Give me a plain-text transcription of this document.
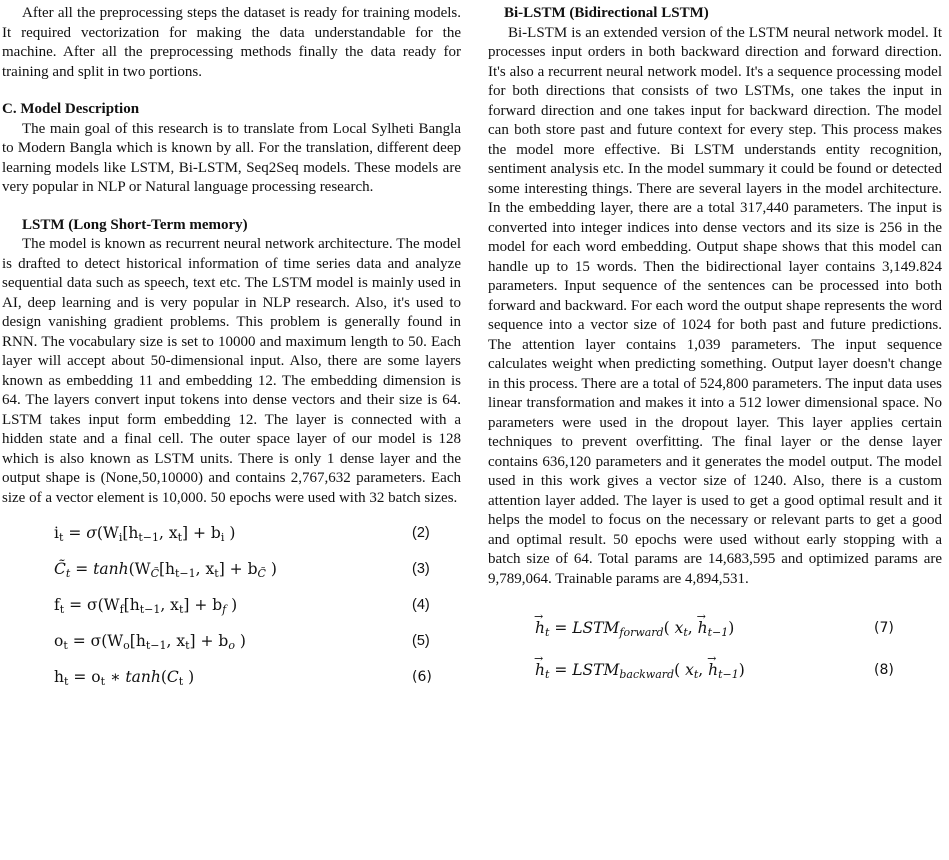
After all the preprocessing steps the dataset is ready for training models. It required vectorization for making the data understandable for the machine. After all the preprocessing methods finally the data ready for training and split in two portions.

C. Model Description

The main goal of this research is to translate from Local Sylheti Bangla to Modern Bangla which is known by all. For the translation, different deep learning models like LSTM, Bi-LSTM, Seq2Seq models. These models are very popular in NLP or Natural language processing research.

LSTM (Long Short-Term memory)

The model is known as recurrent neural network architecture. The model is drafted to detect historical information of time series data and analyze sequential data such as speech, text etc. The LSTM model is mainly used in AI, deep learning and is very popular in NLP research. Also, it's used to design vanishing gradient problems. This problem is generally found in RNN. The vocabulary size is set to 10000 and maximum length to 50. Each layer will accept about 50-dimensional input. Also, there are some layers known as embedding 11 and embedding 12. The embedding dimension is 64. The layers convert input tokens into dense vectors and their size is 64. LSTM takes input form embedding 12. The layer is connected with a hidden state and a final cell. The outer space layer of our model is 128 which is also known as LSTM units. There is only 1 dense layer and the output shape is (None,50,10000) and contains 2,767,632 parameters. Each size of a vector element is 10,000. 50 epochs were used with 32 batch sizes.

$i_t = \sigma(W_i[h_{t-1}$, $x_t] + b_i$ )	(2)
$C̃_t = \tanh(W_{C̃}[h_{t-1}$, $x_t] + b_{C̃}$ )	(3)
$f_t = \sigma(W_f[h_{t-1}$, $x_t] + b_f$ )	(4)
$o_t = \sigma(W_o[h_{t-1}$, $x_t] + b_o$ )	(5)
$h_t = o_t$ ∗ $\tanh(C_t$ )	(6)

Bi-LSTM (Bidirectional LSTM)

Bi-LSTM is an extended version of the LSTM neural network model. It processes input orders in both backward direction and forward direction. It's also a recurrent neural network model. It's a sequence processing model for both directions that consists of two LSTMs, one takes the input in forward direction and one takes input for backward direction. The model can both store past and future context for every step. This process makes the model more effective. Bi LSTM understands entity recognition, sentiment analysis etc. In the model summary it could be found or detected some interesting things. There are several layers in the model architecture. In the embedding layer, there are a total 317,440 parameters. The input is converted into integer indices into dense vectors and its size is 256 in the model for each word embedding. Output shape shows that this model can handle up to 15 words. Then the bidirectional layer contains 3,149.824 parameters. Input sequence of the sentences can be processed into both forward and backward. For each word the output shape represents the word sequence into a vector size of 1024 for both past and future predictions. The attention layer contains 1,039 parameters. The input sequence calculates weight when predicting something. Output layer doesn't change in this process. There are a total of 524,800 parameters. The input data uses linear transformation and makes it into a 512 lower dimensional space. No parameters were used in the dropout layer. This layer applies certain techniques to prevent overfitting. The final layer or the dense layer contains 636,120 parameters and it generates the model output. The model used in this work gives a vector size of 1240. Also, there is a custom attention layer added. The layer is used to get a good optimal result and it helps the model to focus on the necessary or relevant parts to get a good and optimal result. 50 epochs were used without early stopping with a batch size of 64. Total params are 14,683,595 and optimized params are 9,789,064. Trainable params are 4,894,531.

→ $h_t$ = $LSTM_{forward}$( $x_t$, → $h_{t-1}$)	(7)
→ $h_t$ = $LSTM_{backward}$( $x_t$, → $h_{t-1}$)	(8)
